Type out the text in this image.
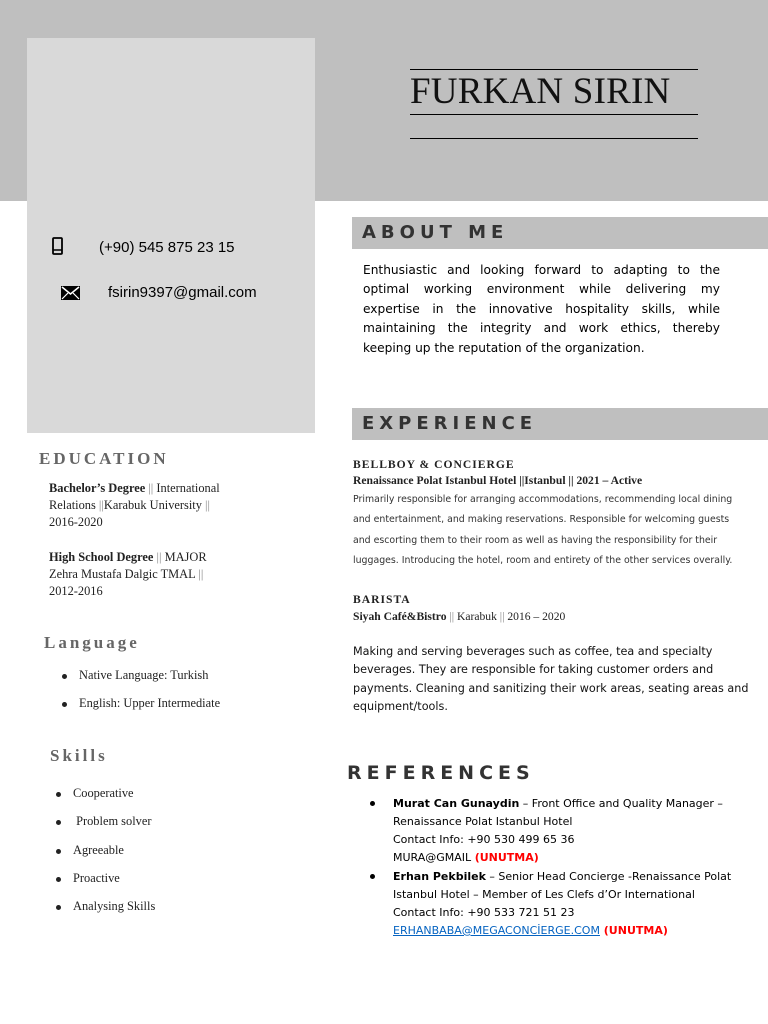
FURKAN SIRIN
(+90) 545 875 23 15
fsirin9397@gmail.com
ABOUT ME
Enthusiastic and looking forward to adapting to the optimal working environment while delivering my expertise in the innovative hospitality skills, while maintaining the integrity and work ethics, thereby keeping up the reputation of the organization.
EDUCATION
Bachelor’s Degree || International Relations ||Karabuk University ||
2016-2020
High School Degree || MAJOR
Zehra Mustafa Dalgic TMAL ||
2012-2016
Language
Native Language: Turkish
English: Upper Intermediate
Skills
Cooperative
Problem solver
Agreeable
Proactive
Analysing Skills
EXPERIENCE
BELLBOY & CONCIERGE
Renaissance Polat Istanbul Hotel ||Istanbul || 2021 – Active
Primarily responsible for arranging accommodations, recommending local dining and entertainment, and making reservations. Responsible for welcoming guests and escorting them to their room as well as having the responsibility for their luggages. Introducing the hotel, room and entirety of the other services overally.
BARISTA
Siyah Café&Bistro || Karabuk || 2016 – 2020
Making and serving beverages such as coffee, tea and specialty beverages. They are responsible for taking customer orders and payments. Cleaning and sanitizing their work areas, seating areas and equipment/tools.
REFERENCES
Murat Can Gunaydin – Front Office and Quality Manager –
Renaissance Polat Istanbul Hotel
Contact Info: +90 530 499 65 36
MURA@GMAIL (UNUTMA)
Erhan Pekbilek – Senior Head Concierge -Renaissance Polat
Istanbul Hotel – Member of Les Clefs d’Or International
Contact Info: +90 533 721 51 23
ERHANBABA@MEGACONCİERGE.COM (UNUTMA)
